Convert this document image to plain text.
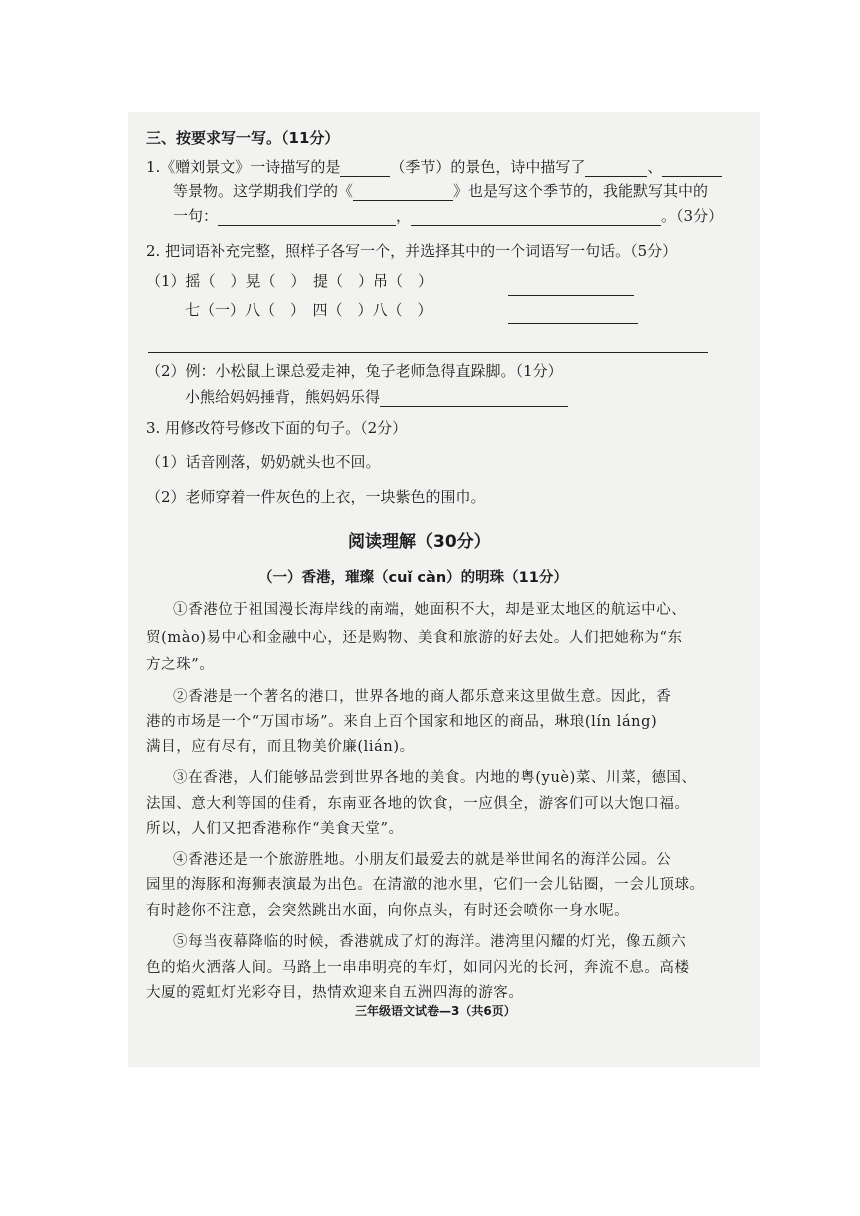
三、按要求写一写。（11分）
1.《赠刘景文》一诗描写的是	（季节）的景色，诗中描写了	、
等景物。这学期我们学的《	》也是写这个季节的，我能默写其中的
一句：	，	。（3分）
2. 把词语补充完整，照样子各写一个，并选择其中的一个词语写一句话。（5分）
（1）摇（　）晃（　）　提（　）吊（　）
七（一）八（　）　四（　）八（　）
（2）例：小松鼠上课总爱走神，兔子老师急得直跺脚。（1分）
小熊给妈妈捶背，熊妈妈乐得
3. 用修改符号修改下面的句子。（2分）
（1）话音刚落，奶奶就头也不回。
（2）老师穿着一件灰色的上衣，一块紫色的围巾。
阅读理解（30分）
（一）香港，璀璨（cuǐ càn）的明珠（11分）
①香港位于祖国漫长海岸线的南端，她面积不大，却是亚太地区的航运中心、
贸(mào)易中心和金融中心，还是购物、美食和旅游的好去处。人们把她称为“东
方之珠”。
②香港是一个著名的港口，世界各地的商人都乐意来这里做生意。因此，香
港的市场是一个“万国市场”。来自上百个国家和地区的商品，琳琅(lín láng)
满目，应有尽有，而且物美价廉(lián)。
③在香港，人们能够品尝到世界各地的美食。内地的粤(yuè)菜、川菜，德国、
法国、意大利等国的佳肴，东南亚各地的饮食，一应俱全，游客们可以大饱口福。
所以，人们又把香港称作“美食天堂”。
④香港还是一个旅游胜地。小朋友们最爱去的就是举世闻名的海洋公园。公
园里的海豚和海狮表演最为出色。在清澈的池水里，它们一会儿钻圈，一会儿顶球。
有时趁你不注意，会突然跳出水面，向你点头，有时还会喷你一身水呢。
⑤每当夜幕降临的时候，香港就成了灯的海洋。港湾里闪耀的灯光，像五颜六
色的焰火洒落人间。马路上一串串明亮的车灯，如同闪光的长河，奔流不息。高楼
大厦的霓虹灯光彩夺目，热情欢迎来自五洲四海的游客。
三年级语文试卷—3（共6页）
